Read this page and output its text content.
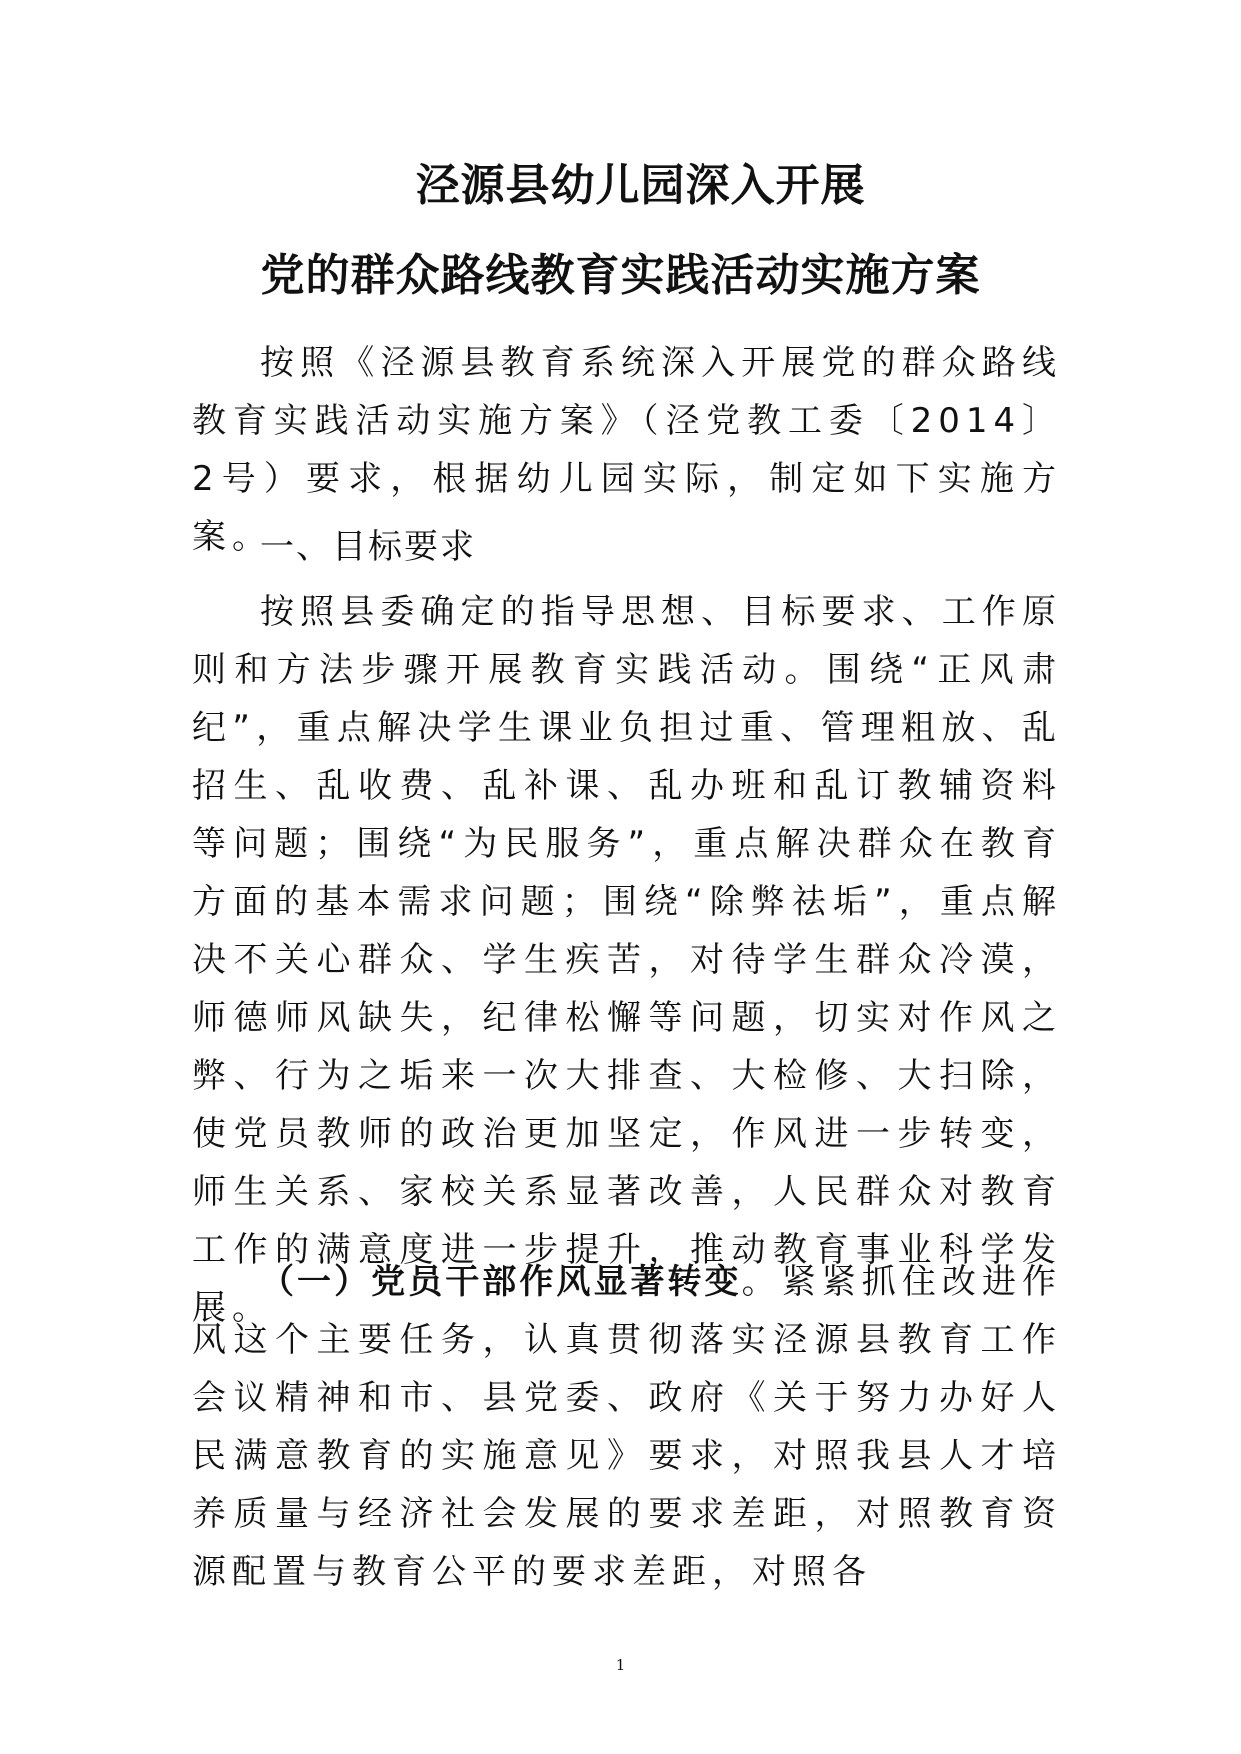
泾源县幼儿园深入开展
党的群众路线教育实践活动实施方案

按照《泾源县教育系统深入开展党的群众路线教育实践活动实施方案》（泾党教工委〔2014〕2号）要求，根据幼儿园实际，制定如下实施方案。

一、目标要求

按照县委确定的指导思想、目标要求、工作原则和方法步骤开展教育实践活动。围绕“正风肃纪”，重点解决学生课业负担过重、管理粗放、乱招生、乱收费、乱补课、乱办班和乱订教辅资料等问题；围绕“为民服务”，重点解决群众在教育方面的基本需求问题；围绕“除弊祛垢”，重点解决不关心群众、学生疾苦，对待学生群众冷漠，师德师风缺失，纪律松懈等问题，切实对作风之弊、行为之垢来一次大排查、大检修、大扫除，使党员教师的政治更加坚定，作风进一步转变，师生关系、家校关系显著改善，人民群众对教育工作的满意度进一步提升，推动教育事业科学发展。

（一）党员干部作风显著转变。紧紧抓住改进作风这个主要任务，认真贯彻落实泾源县教育工作会议精神和市、县党委、政府《关于努力办好人民满意教育的实施意见》要求，对照我县人才培养质量与经济社会发展的要求差距，对照教育资源配置与教育公平的要求差距，对照各

1
